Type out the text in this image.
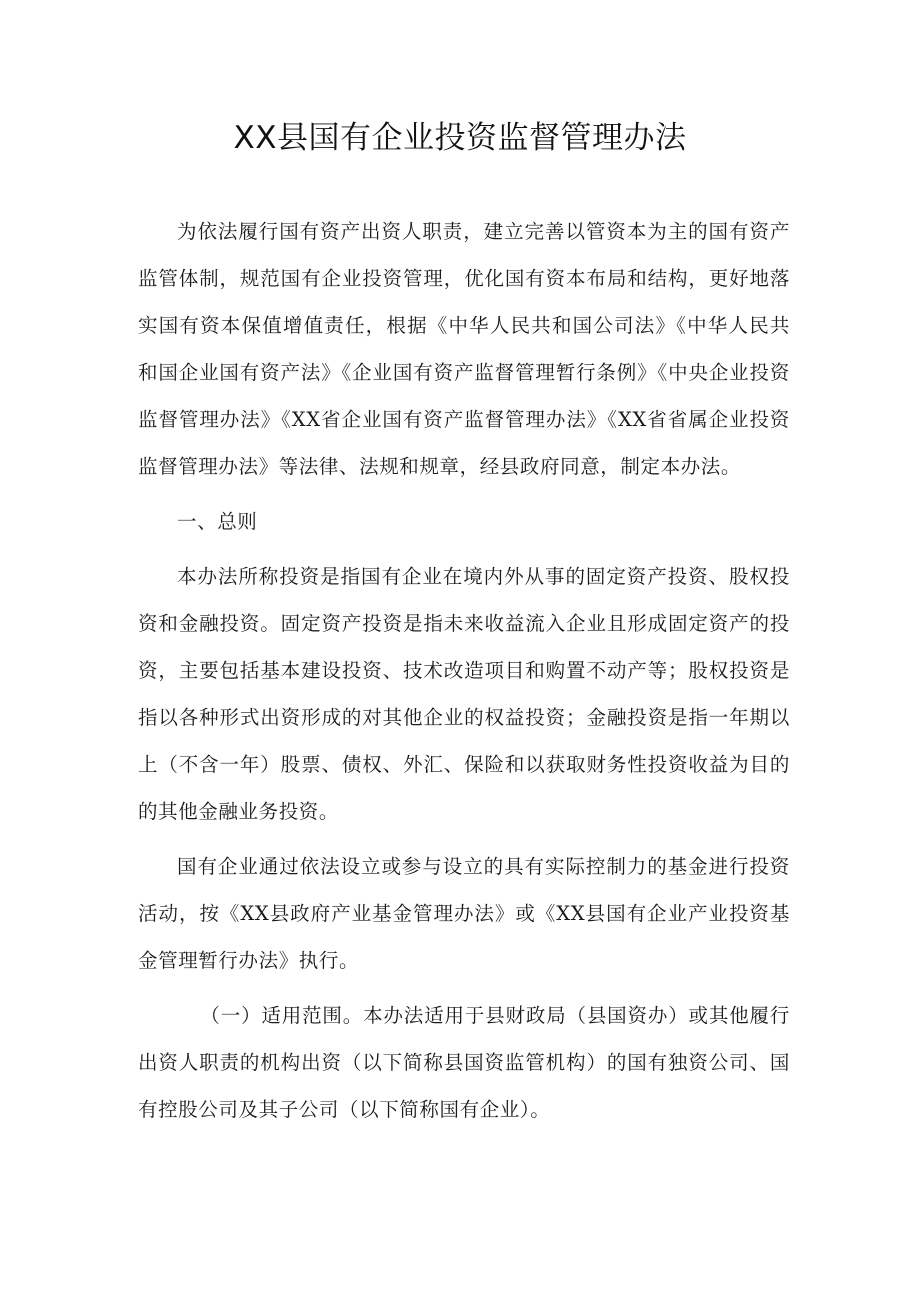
XX县国有企业投资监督管理办法

为依法履行国有资产出资人职责，建立完善以管资本为主的国有资产监管体制，规范国有企业投资管理，优化国有资本布局和结构，更好地落实国有资本保值增值责任，根据《中华人民共和国公司法》《中华人民共和国企业国有资产法》《企业国有资产监督管理暂行条例》《中央企业投资监督管理办法》《XX省企业国有资产监督管理办法》《XX省省属企业投资监督管理办法》等法律、法规和规章，经县政府同意，制定本办法。

一、总则

本办法所称投资是指国有企业在境内外从事的固定资产投资、股权投资和金融投资。固定资产投资是指未来收益流入企业且形成固定资产的投资，主要包括基本建设投资、技术改造项目和购置不动产等；股权投资是指以各种形式出资形成的对其他企业的权益投资；金融投资是指一年期以上（不含一年）股票、债权、外汇、保险和以获取财务性投资收益为目的的其他金融业务投资。

国有企业通过依法设立或参与设立的具有实际控制力的基金进行投资活动，按《XX县政府产业基金管理办法》或《XX县国有企业产业投资基金管理暂行办法》执行。

（一）适用范围。本办法适用于县财政局（县国资办）或其他履行出资人职责的机构出资（以下简称县国资监管机构）的国有独资公司、国有控股公司及其子公司（以下简称国有企业）。
